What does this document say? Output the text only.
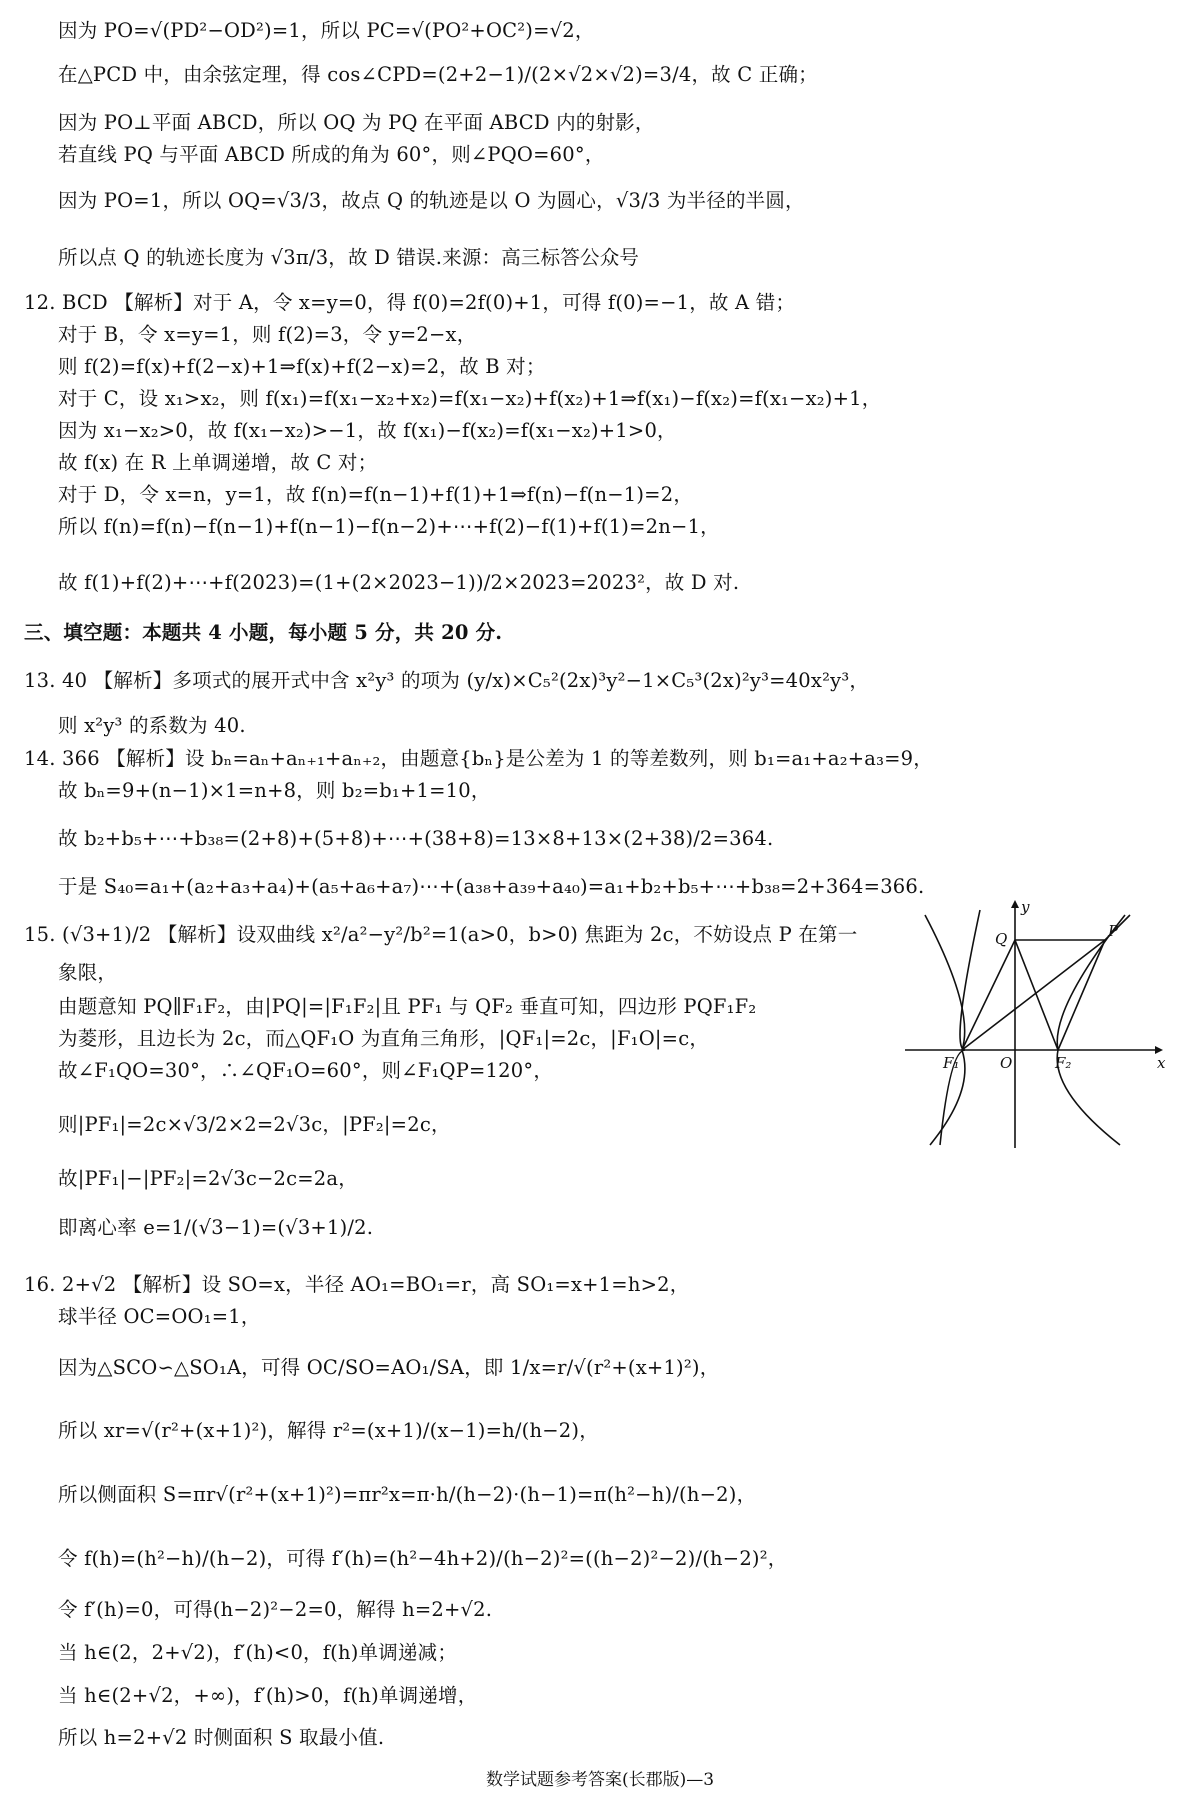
因为 PO=√(PD²−OD²)=1，所以 PC=√(PO²+OC²)=√2，
在△PCD 中，由余弦定理，得 cos∠CPD=(2+2−1)/(2×√2×√2)=3/4，故 C 正确；
因为 PO⊥平面 ABCD，所以 OQ 为 PQ 在平面 ABCD 内的射影，
若直线 PQ 与平面 ABCD 所成的角为 60°，则∠PQO=60°，
因为 PO=1，所以 OQ=√3/3，故点 Q 的轨迹是以 O 为圆心，√3/3 为半径的半圆，
所以点 Q 的轨迹长度为 √3π/3，故 D 错误.来源：高三标答公众号
12. BCD 【解析】对于 A，令 x=y=0，得 f(0)=2f(0)+1，可得 f(0)=−1，故 A 错；
对于 B，令 x=y=1，则 f(2)=3，令 y=2−x，
则 f(2)=f(x)+f(2−x)+1⇒f(x)+f(2−x)=2，故 B 对；
对于 C，设 x₁>x₂，则 f(x₁)=f(x₁−x₂+x₂)=f(x₁−x₂)+f(x₂)+1⇒f(x₁)−f(x₂)=f(x₁−x₂)+1，
因为 x₁−x₂>0，故 f(x₁−x₂)>−1，故 f(x₁)−f(x₂)=f(x₁−x₂)+1>0，
故 f(x) 在 R 上单调递增，故 C 对；
对于 D，令 x=n，y=1，故 f(n)=f(n−1)+f(1)+1⇒f(n)−f(n−1)=2，
所以 f(n)=f(n)−f(n−1)+f(n−1)−f(n−2)+⋯+f(2)−f(1)+f(1)=2n−1，
故 f(1)+f(2)+⋯+f(2023)=(1+(2×2023−1))/2×2023=2023²，故 D 对.
三、填空题：本题共 4 小题，每小题 5 分，共 20 分.
13. 40 【解析】多项式的展开式中含 x²y³ 的项为 (y/x)×C₅²(2x)³y²−1×C₅³(2x)²y³=40x²y³，
则 x²y³ 的系数为 40.
14. 366 【解析】设 bₙ=aₙ+aₙ₊₁+aₙ₊₂，由题意{bₙ}是公差为 1 的等差数列，则 b₁=a₁+a₂+a₃=9，
故 bₙ=9+(n−1)×1=n+8，则 b₂=b₁+1=10，
故 b₂+b₅+⋯+b₃₈=(2+8)+(5+8)+⋯+(38+8)=13×8+13×(2+38)/2=364.
于是 S₄₀=a₁+(a₂+a₃+a₄)+(a₅+a₆+a₇)⋯+(a₃₈+a₃₉+a₄₀)=a₁+b₂+b₅+⋯+b₃₈=2+364=366.
15. (√3+1)/2 【解析】设双曲线 x²/a²−y²/b²=1(a>0，b>0) 焦距为 2c，不妨设点 P 在第一
象限，
由题意知 PQ∥F₁F₂，由|PQ|=|F₁F₂|且 PF₁ 与 QF₂ 垂直可知，四边形 PQF₁F₂
为菱形，且边长为 2c，而△QF₁O 为直角三角形，|QF₁|=2c，|F₁O|=c，
故∠F₁QO=30°，∴∠QF₁O=60°，则∠F₁QP=120°，
则|PF₁|=2c×√3/2×2=2√3c，|PF₂|=2c，
故|PF₁|−|PF₂|=2√3c−2c=2a，
即离心率 e=1/(√3−1)=(√3+1)/2.
16. 2+√2 【解析】设 SO=x，半径 AO₁=BO₁=r，高 SO₁=x+1=h>2，
球半径 OC=OO₁=1，
因为△SCO∽△SO₁A，可得 OC/SO=AO₁/SA，即 1/x=r/√(r²+(x+1)²)，
所以 xr=√(r²+(x+1)²)，解得 r²=(x+1)/(x−1)=h/(h−2)，
所以侧面积 S=πr√(r²+(x+1)²)=πr²x=π·h/(h−2)·(h−1)=π(h²−h)/(h−2)，
令 f(h)=(h²−h)/(h−2)，可得 f′(h)=(h²−4h+2)/(h−2)²=((h−2)²−2)/(h−2)²，
令 f′(h)=0，可得(h−2)²−2=0，解得 h=2+√2.
当 h∈(2，2+√2)，f′(h)<0，f(h)单调递减；
当 h∈(2+√2，+∞)，f′(h)>0，f(h)单调递增，
所以 h=2+√2 时侧面积 S 取最小值.
y
x
Q	P
F₁	O	F₂
数学试题参考答案(长郡版)—3
